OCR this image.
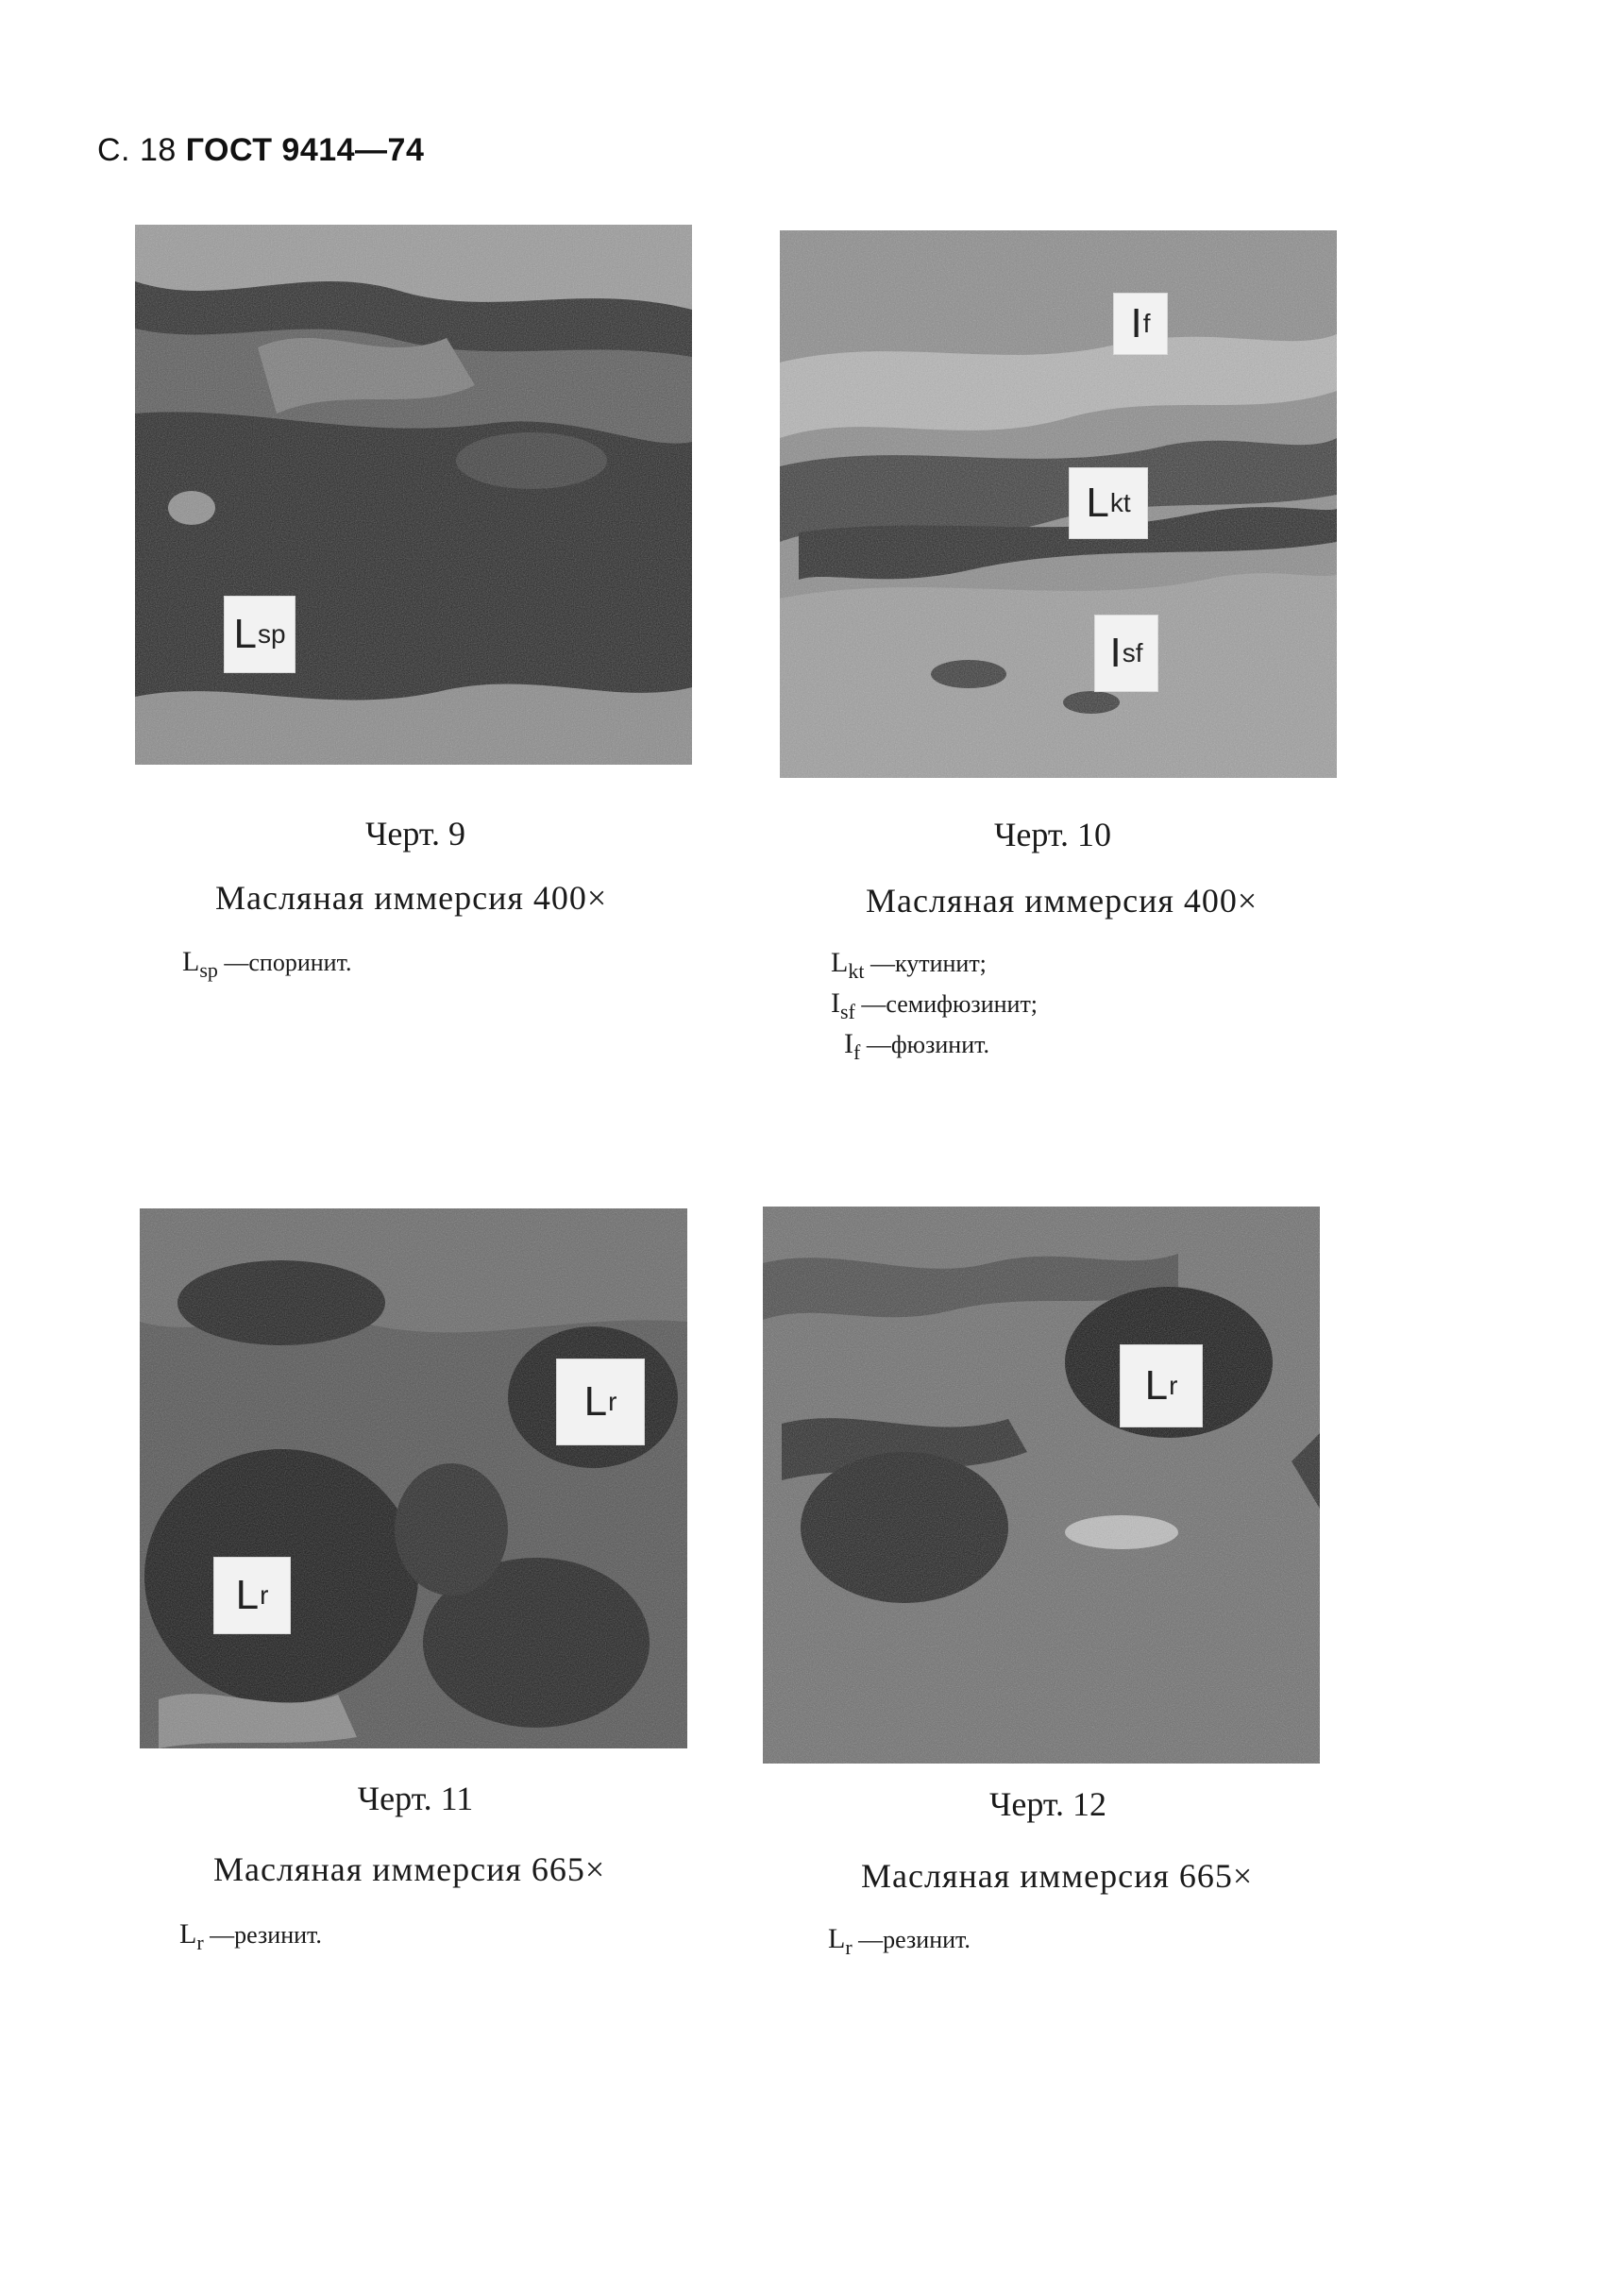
С. 18 ГОСТ 9414—74
L sp
Черт. 9
Масляная иммерсия 400×
$L_{sp}$ —споринит.
I f
L kt
I sf
Черт. 10
Масляная иммерсия 400×
$L_{kt}$ —кутинит;
$I_{sf}$ —семифюзинит;
$I_f$ —фюзинит.
L r
L r
Черт. 11
Масляная иммерсия 665×
$L_r$ —резинит.
L r
Черт. 12
Масляная иммерсия 665×
$L_r$ —резинит.
